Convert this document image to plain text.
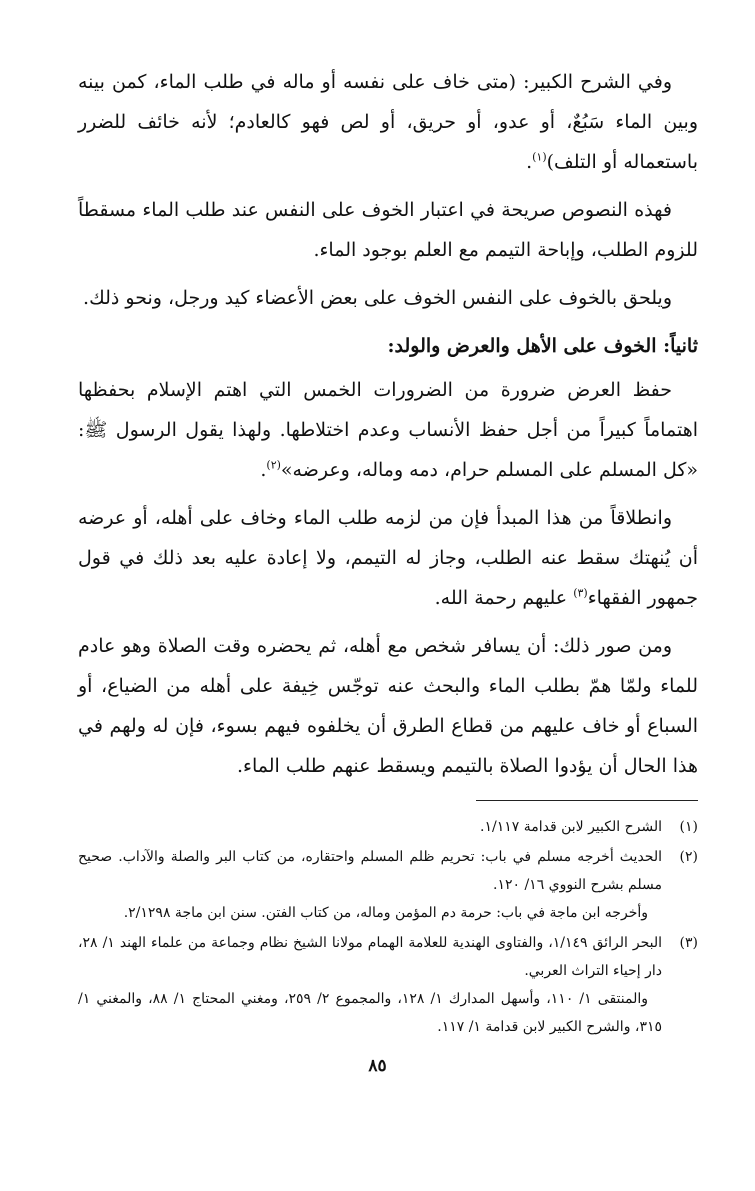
وفي الشرح الكبير: (متى خاف على نفسه أو ماله في طلب الماء، كمن بينه وبين الماء سَبُعٌ، أو عدو، أو حريق، أو لص فهو كالعادم؛ لأنه خائف للضرر باستعماله أو التلف)$^{(١)}$.

فهذه النصوص صريحة في اعتبار الخوف على النفس عند طلب الماء مسقطاً للزوم الطلب، وإباحة التيمم مع العلم بوجود الماء.

ويلحق بالخوف على النفس الخوف على بعض الأعضاء كيد ورجل، ونحو ذلك.

ثانياً: الخوف على الأهل والعرض والولد:

حفظ العرض ضرورة من الضرورات الخمس التي اهتم الإسلام بحفظها اهتماماً كبيراً من أجل حفظ الأنساب وعدم اختلاطها. ولهذا يقول الرسول ﷺ: «كل المسلم على المسلم حرام، دمه وماله، وعرضه»$^{(٢)}$.

وانطلاقاً من هذا المبدأ فإن من لزمه طلب الماء وخاف على أهله، أو عرضه أن يُنهتك سقط عنه الطلب، وجاز له التيمم، ولا إعادة عليه بعد ذلك في قول جمهور الفقهاء$^{(٣)}$ عليهم رحمة الله.

ومن صور ذلك: أن يسافر شخص مع أهله، ثم يحضره وقت الصلاة وهو عادم للماء ولمّا همّ بطلب الماء والبحث عنه توجّس خِيفة على أهله من الضياع، أو السباع أو خاف عليهم من قطاع الطرق أن يخلفوه فيهم بسوء، فإن له ولهم في هذا الحال أن يؤدوا الصلاة بالتيمم ويسقط عنهم طلب الماء.

(١)

الشرح الكبير لابن قدامة ١/١١٧.

(٢)

الحديث أخرجه مسلم في باب: تحريم ظلم المسلم واحتقاره، من كتاب البر والصلة والآداب. صحيح مسلم بشرح النووي ١٦/ ١٢٠.

وأخرجه ابن ماجة في باب: حرمة دم المؤمن وماله، من كتاب الفتن. سنن ابن ماجة ٢/١٢٩٨.

(٣)

البحر الرائق ١/١٤٩، والفتاوى الهندية للعلامة الهمام مولانا الشيخ نظام وجماعة من علماء الهند ١/ ٢٨، دار إحياء التراث العربي.

والمنتقى ١/ ١١٠، وأسهل المدارك ١/ ١٢٨، والمجموع ٢/ ٢٥٩، ومغني المحتاج ١/ ٨٨، والمغني ١/ ٣١٥، والشرح الكبير لابن قدامة ١/ ١١٧.

٨٥
